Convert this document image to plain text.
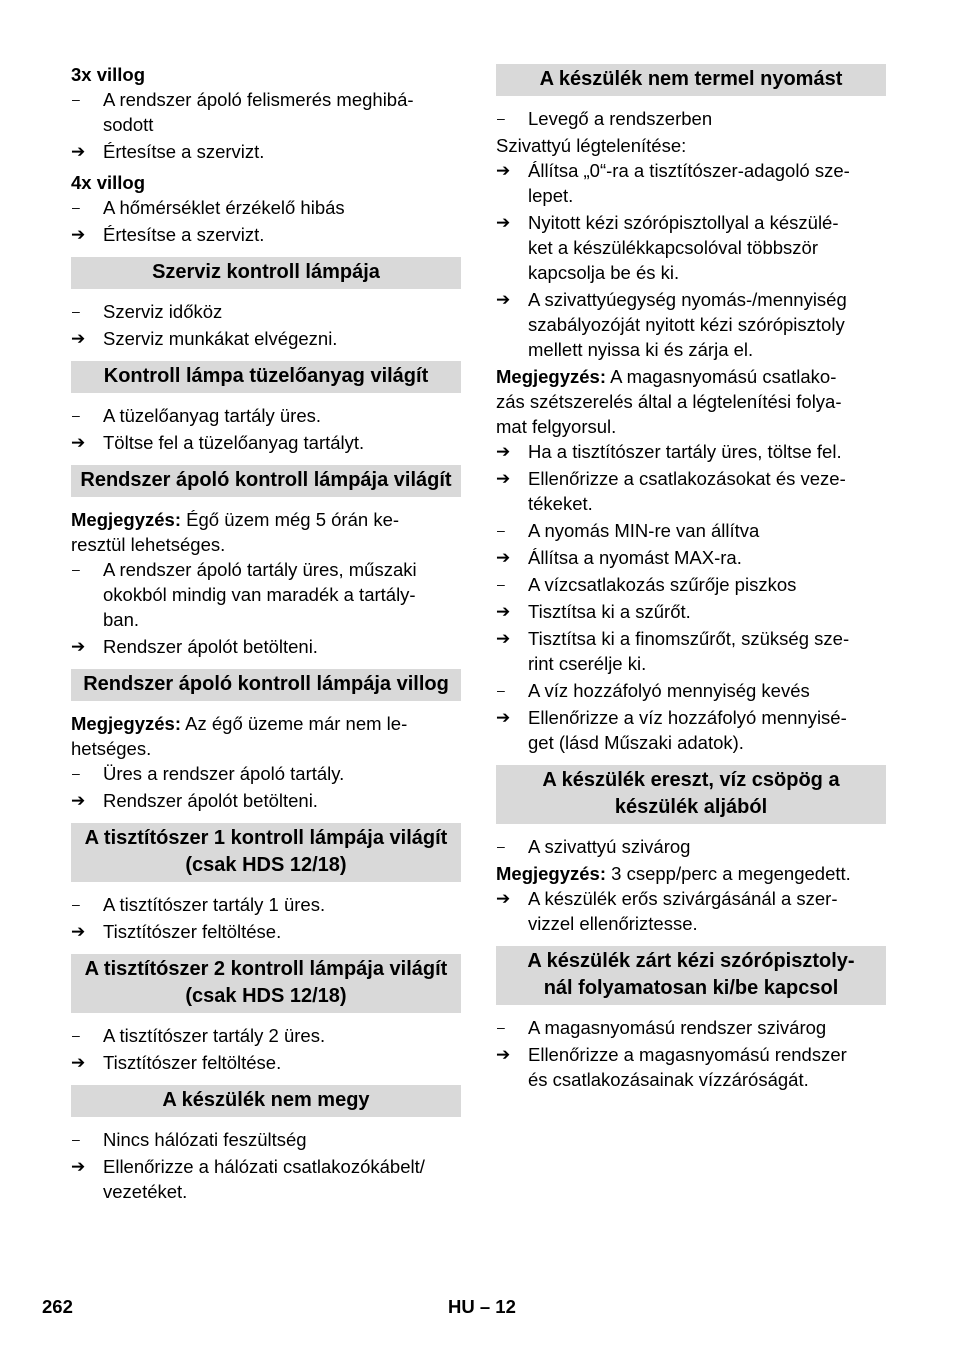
3x villog

–	A rendszer ápoló felismerés meghibá-
sodott
➔ Értesítse a szervizt.

4x villog

–	A hőmérséklet érzékelő hibás
➔ Értesítse a szervizt.
Szerviz kontroll lámpája
–	Szerviz időköz
➔ Szerviz munkákat elvégezni.
Kontroll lámpa tüzelőanyag világít
–	A tüzelőanyag tartály üres.
➔ Töltse fel a tüzelőanyag tartályt.
Rendszer ápoló kontroll lámpája világít

Megjegyzés: Égő üzem még 5 órán ke-
resztül lehetséges.

–	A rendszer ápoló tartály üres, műszaki
okokból mindig van maradék a tartály-
ban.
➔ Rendszer ápolót betölteni.
Rendszer ápoló kontroll lámpája villog

Megjegyzés: Az égő üzeme már nem le-
hetséges.

–	Üres a rendszer ápoló tartály.
➔ Rendszer ápolót betölteni.
A tisztítószer 1 kontroll lámpája világít (csak HDS 12/18)
–	A tisztítószer tartály 1 üres.
➔ Tisztítószer feltöltése.
A tisztítószer 2 kontroll lámpája világít (csak HDS 12/18)
–	A tisztítószer tartály 2 üres.
➔ Tisztítószer feltöltése.
A készülék nem megy
–	Nincs hálózati feszültség
➔ Ellenőrizze a hálózati csatlakozókábelt/
vezetéket.
A készülék nem termel nyomást
–	Levegő a rendszerben

Szivattyú légtelenítése:

➔ Állítsa „0“-ra a tisztítószer-adagoló sze-
lepet.
➔ Nyitott kézi szórópisztollyal a készülé-
ket a készülékkapcsolóval többször
kapcsolja be és ki.
➔ A szivattyúegység nyomás-/mennyiség
szabályozóját nyitott kézi szórópisztoly
mellett nyissa ki és zárja el.

Megjegyzés: A magasnyomású csatlako-
zás szétszerelés által a légtelenítési folya-
mat felgyorsul.

➔ Ha a tisztítószer tartály üres, töltse fel.
➔ Ellenőrizze a csatlakozásokat és veze-
tékeket.
–	A nyomás MIN-re van állítva
➔ Állítsa a nyomást MAX-ra.
–	A vízcsatlakozás szűrője piszkos
➔ Tisztítsa ki a szűrőt.
➔ Tisztítsa ki a finomszűrőt, szükség sze-
rint cserélje ki.
–	A víz hozzáfolyó mennyiség kevés
➔ Ellenőrizze a víz hozzáfolyó mennyisé-
get (lásd Műszaki adatok).
A készülék ereszt, víz csöpög a készülék aljából
–	A szivattyú szivárog

Megjegyzés: 3 csepp/perc a megengedett.

➔ A készülék erős szivárgásánál a szer-
vizzel ellenőriztesse.
A készülék zárt kézi szórópisztoly-
nál folyamatosan ki/be kapcsol
–	A magasnyomású rendszer szivárog
➔ Ellenőrizze a magasnyomású rendszer
és csatlakozásainak vízzáróságát.
262	HU – 12
